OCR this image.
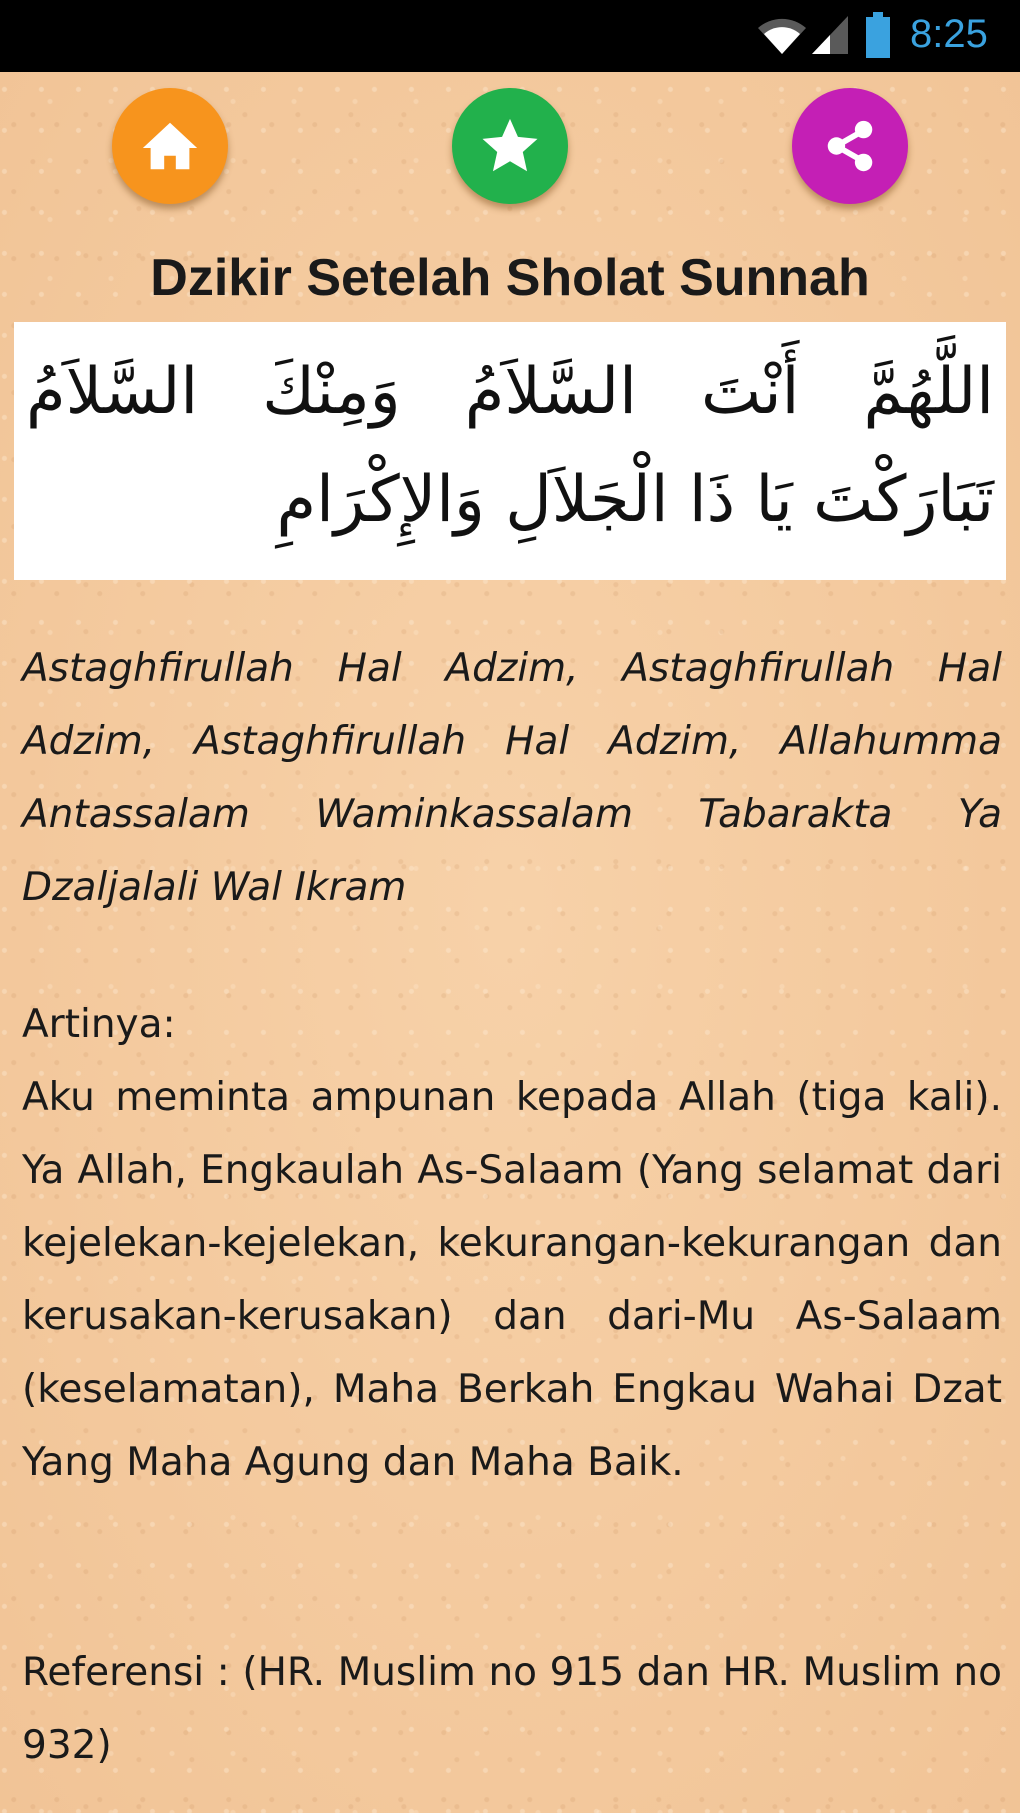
8:25
Dzikir Setelah Sholat Sunnah
اللَّهُمَّ أَنْتَ السَّلاَمُ وَمِنْكَ السَّلاَمُ تَبَارَكْتَ يَا ذَا الْجَلاَلِ وَالإِكْرَامِ
Astaghfirullah Hal Adzim, Astaghfirullah Hal Adzim, Astaghfirullah Hal Adzim, Allahumma Antassalam Waminkassalam Tabarakta Ya Dzaljalali Wal Ikram
Artinya:
Aku meminta ampunan kepada Allah (tiga kali). Ya Allah, Engkaulah As-Salaam (Yang selamat dari kejelekan-kejelekan, kekurangan-kekurangan dan kerusakan-kerusakan) dan dari-Mu As-Salaam (keselamatan), Maha Berkah Engkau Wahai Dzat Yang Maha Agung dan Maha Baik.
Referensi : (HR. Muslim no 915 dan HR. Muslim no 932)
